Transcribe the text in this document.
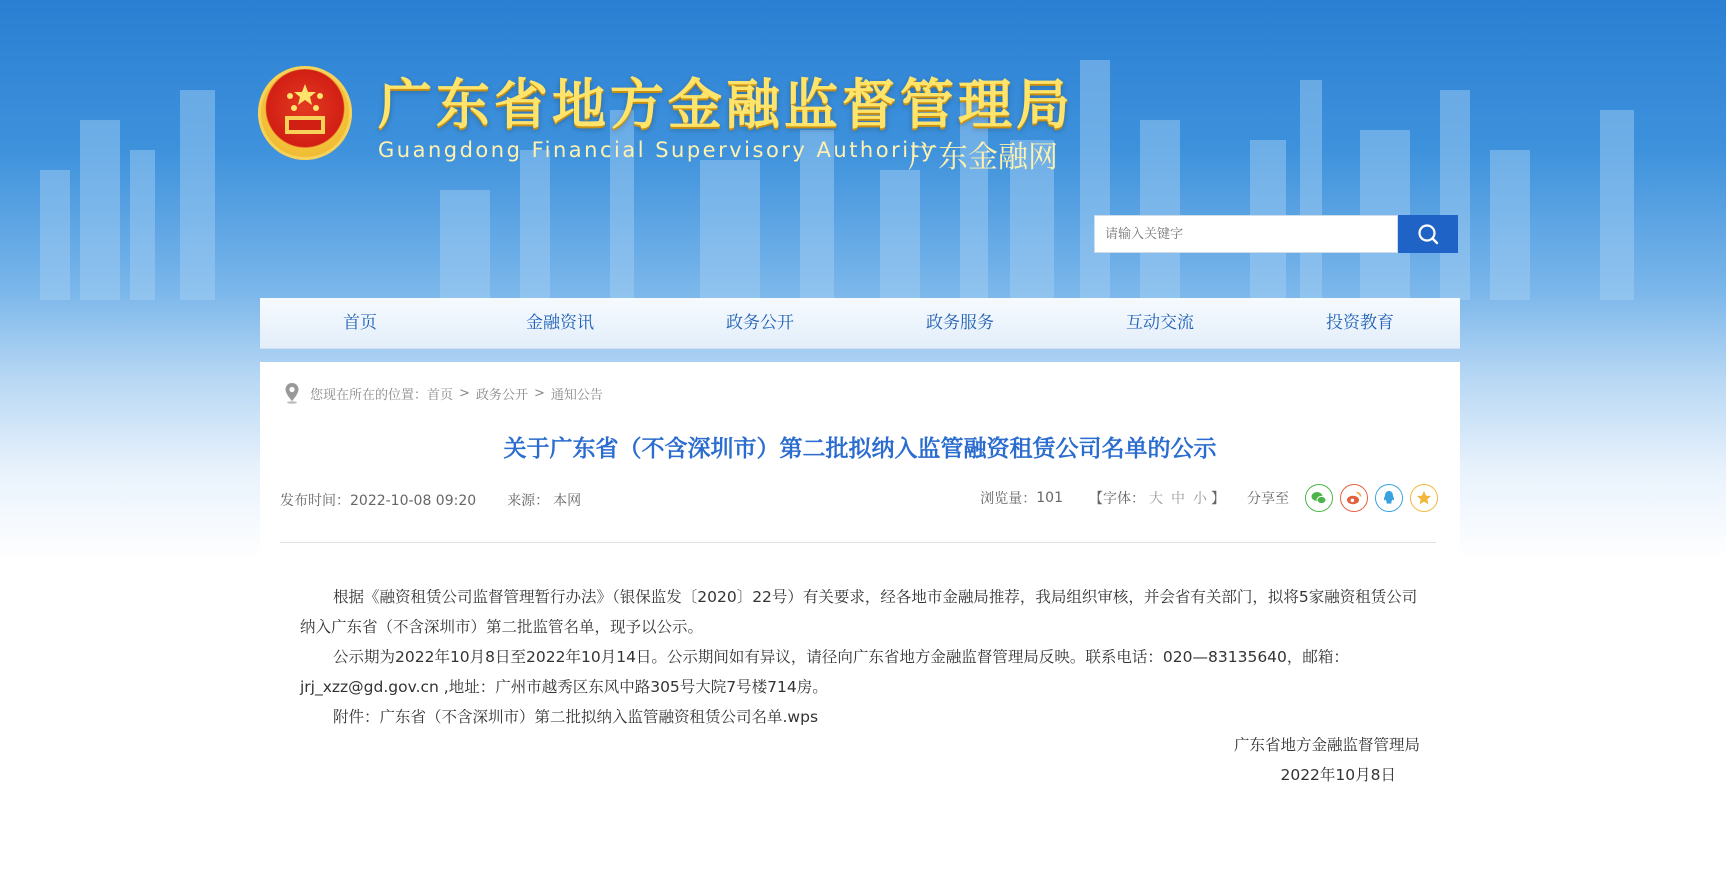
广东省地方金融监督管理局
Guangdong Financial Supervisory Authority
广东金融网
请输入关键字
首页	金融资讯	政务公开	政务服务	互动交流	投资教育
您现在所在的位置： 首页 > 政务公开 > 通知公告
关于广东省（不含深圳市）第二批拟纳入监管融资租赁公司名单的公示
发布时间：2022-10-08 09:20 来源： 本网	浏览量： 101 【字体： 大 中 小 】 分享至

根据《融资租赁公司监督管理暂行办法》（银保监发〔2020〕22号）有关要求，经各地市金融局推荐，我局组织审核，并会省有关部门，拟将5家融资租赁公司纳入广东省（不含深圳市）第二批监管名单，现予以公示。

公示期为2022年10月8日至2022年10月14日。公示期间如有异议，请径向广东省地方金融监督管理局反映。联系电话：020—83135640，邮箱：jrj_xzz@gd.gov.cn ,地址：广州市越秀区东风中路305号大院7号楼714房。

附件：广东省（不含深圳市）第二批拟纳入监管融资租赁公司名单.wps

广东省地方金融监督管理局
2022年10月8日
